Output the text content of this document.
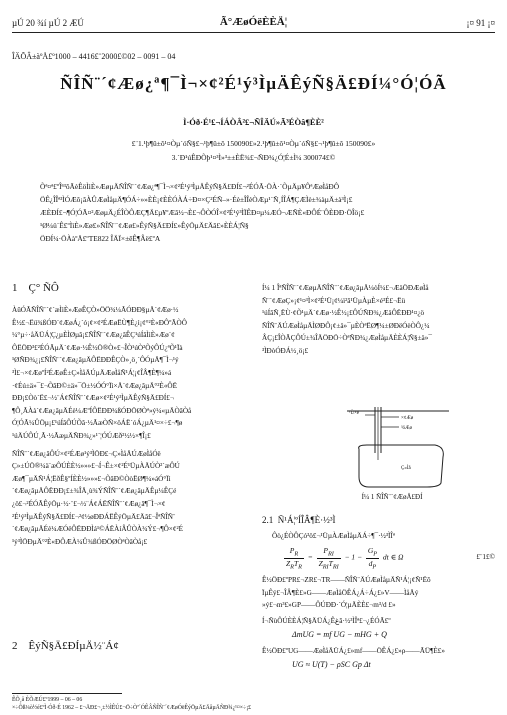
µÚ 20 ¾í µÚ 2 ÆÚ	Ã°ÆøÓëÈÈÄ¦	¡¤ 91 ¡¤
ÎÄÕÂ±àºÅ£º1000 – 4416£¨2000£©02 – 0091 – 04
ÑÎÑ¨´¢Æø¿ª¶¯Ì¬×¢²É¹ý³ÌµÄÊýÑ§Ä£ÐÍ¼°Ó¦ÓÃ
Ì·Óð·É¹£¬ÍÁÒÂ²£¬ÑÎÄÚ»Ã³ÉÒâ¶ÈÈ²
£¨1.¹þ¶û±õ¹¤Òµ´óÑ§£¬¹þ¶û±õ 150090£»2.¹þ¶û±õ¹¤Òµ´óÑ§£¬¹þ¶û±õ 150090£»
3.´Ð¹úÊÐÕþ¹¤³Ì»³±±ÈË¾£¬ÑÐ¾¿Ó¦É±Ì¼ 300074£©
Õª¤ª£ºÎª³õÃèÊöÌìÈ»ÆøµÄÑÎÑ¨´¢Æø¿ª¶¯Ì¬×¢²É¹ý³ÌµÄÊýÑ§Ä£ÐÍ£¬²ÉÓÃ·ÖÀ·´ÕµÄµ¥ÔªÆøÌåÐÔ
ÖÊ¿ÎÎª³ÌÓÆô¡ãÀÛÆøÌåµÄ¶ÓÁ÷»»ÈÈ¡¢ÈÈÓÀÁ÷Ð¤×Ç²ÉÑ–»·Éè±ÎÎèÒÆµ¹´Ñ¸ÍÎÁ¶ÇÆÌè±¾àµÄ±à³Ì¡£
ÆÈÐÍ£¬¶Ó¦ÓÃ¤²ÆøµÄ¿ÉÎÒÔÆÇ¶Ä£µ¥ºÆâ½¬È£¬ÔÒÓÎ×¢²É¹ý³ÌÏÊÐ¤µ¼ÆÓ¬ÆÑÈ«ÐÔÉ¨ÔÈÐÐ·ÖÎö¡£
¹Ø¼ü´Ê£ºÌìÈ»Æø£»ÑÎÑ¨´¢Æø£»ÊýÑ§Ä£ÐÍ£»ÊýÖµÄ£Äâ£»ÈÈÁ¦Ñ§
ÖÐÍ¼·ÖÀàºÅ£ºTE822 ÎÄÏ×±êÊ¶Âë£ºA
1 Ç° ÑÔ
ÀûÓÃÑÎÑ¨´¢´æÌìÈ»ÆøÊÇÒ»ÖÖ¾¼ÃÓÐÐ§µÄ´¢Æø·½
Ê½£¬Ëü¾ßÓÐ´¢ÆøÁ¿´ó¡¢×¢²ÉÆøËÙ¶È¿ì¡¢°²È«ÐÔºÃÒÔ
¼°µ÷·åÄÜÁ¦Ç¿µÈÌØµã¡£ÑÎÑ¨´¢Æø¿âÊÇ¹úÍâÌìÈ»Æø´¢
ÔËÖÐ³£²ÉÓÃµÄ´¢Æø·½Ê½Ö®Ò»£¬ÎÒ¹úÒ²ÕýÔÚ¿ªÕ¹Ïà
¹ØÑÐ¾¿¡£ÑÎÑ¨´¢Æø¿âµÄÔËÐÐÊÇÒ»¸ö¸´ÔÓµÄ¶¯Ì¬¹ý
³Ì£¬×¢ÆøºÍ²ÉÆøÊ±Ç»ÌåÄÚµÄÆøÌåÑ¹Á¦¡¢ÎÂ¶È¶¼»á
·¢Éú±ä»¯£¬ÕâÐ©±ä»¯Ö±½ÓÓ°Ïì×Å´¢Æø¿âµÄ°²È«ÔË
ÐÐ¡£Òò´Ë£¬½¨Á¢ÑÎÑ¨´¢Æø×¢²É¹ý³ÌµÄÊýÑ§Ä£ÐÍ£¬
¶Ô¸ÃÀà´¢Æø¿âµÄÉè¼ÆºÍÔËÐÐ¾ßÓÐÖØÒª»ý¼«µÄÒâÒå
Ó¦ÓÃ¼ÛÖµ¡£¹úÍâÔÚÕâ·½ÃæÒÑ×öÁË´óÁ¿µÄ¹¤×÷£¬¶ø
¹úÄÚÔÚ¸Ã·½ÃæµÄÑÐ¾¿»¹´¦ÓÚÆð²½½×¶Î¡£
ÑÎÑ¨´¢Æø¿âÔÚ×¢²ÉÆø¹ý³ÌÖÐ£¬Ç»ÌåÄÚÆøÌåÓë
Ç»±ÚÖ®¼ä´æÔÚÈÈ½»»»£¬Í¬Ê±×¢²É¹ÜµÀÄÚÒ²´æÔÚ
Æø¶¯µÄÑ¹Á¦ËðÊ§ºÍÈÈ½»»»£¬ÕâÐ©ÒòËØ¶¼»áÓ°Ïì
´¢Æø¿âµÄÔËÐÐ¡£±¾ÎÄ¸ù¾ÝÑÎÑ¨´¢Æø¿âµÄÊµ¼ÊÇé
¿ö£¬²ÉÓÃÊýÖµ·½·¨£¬½¨Á¢ÁËÑÎÑ¨´¢Æø¿â¶¯Ì¬×¢
²É¹ý³ÌµÄÊýÑ§Ä£ÐÍ£¬²¢½øÐÐÁËÊýÖµÄ£Äâ£¬ÎªÑÎÑ¨
´¢Æø¿âµÄÉè¼ÆÓëÔËÐÐÌá¹©ÁËÀíÂÛÒÀ¾Ý£¬¶Ô×¢²É
¹ý³ÌÖÐµÄ°²È«ÐÔÆÀ¼Û¾ßÓÐÖØÒªÒâÒå¡£
2 ÊýÑ§Ä£ÐÍµÄ½¨Á¢
Í¼ 1 ÎªÑÎÑ¨´¢ÆøµÄÑÎÑ¨´¢Æø¿âµÄ¼òÍ¼£¬ÆäÖÐÆøÌå
Ñ¨´¢ÆøÇ»¡¢¹¤³Ì×¢²É¹Ü¡¢¼ì²â¹ÜµÀµÈ×é³É£¬Ëü
¹úÍâÑ¸ËÙ·¢Õ¹µÄ´¢Æø·½Ê½¡£ÔÚÑÐ¾¿ÆäÔËÐÐ¹¤¿ö
ÑÎÑ¨ÄÚÆøÌåµÄÌØÐÔ¡¢±ä»¯µÈÒªËØ¶¼±ØÐëÓèÒÔ¿¼
ÂÇ¡£ÎÒÃÇÔÚ±¾ÎÄÖÐÖ÷ÒªÑÐ¾¿ÆøÌåµÄÈÈÁ¦Ñ§±ä»¯
³ÌÐòÓÐÁ½¸ö¡£
¹Ü×é
×¢Æø
³öÆø
Ç»Ìå
Í¼ 1 ÑÎÑ¨´¢ÆøÄ£ÐÍ
2.1 Ñ¹Á¦ºÍÎÂ¶È·½³Ì
Ôò¿ÉÒÔÇó³ö£¬¹ÜµÀÆøÌåµÄÁ÷¶¯·½³ÌÎª
$P_R$
$Z_RT_R$
=
$P_{RI}$
$Z_{RI}T_{RI}$
− $1 - \frac{G_P}{d_P}$ dt ∈ Ω	£¨1£©
Ê½ÖÐ£ºPR£¬ZR£¬TR——ÑÎÑ¨ÄÚÆøÌåµÄÑ¹Á¦¡¢Ñ¹Ëõ
ÏµÊý£¬ÎÂ¶È£»G——ÆøÌåÖÊÁ¿Á÷Á¿£»V——ÌåÄý
»ý£¬m³£»GP——ÔÚÐÐ·´Ó¦µÄÈÈ£¬m³/d £»
Í¬ÑùÔÚÈÈÁ¦Ñ§ÄÜÁ¿Êغã·½³ÌÎª£¬¿ÉÓÃ£º
ΔmUG = mf UG − mHG + Q
Ê½ÖÐ£ºUG——ÆøÌåÄÜÁ¿£»mf——ÖÊÁ¿£»ρ——ÃÜ¶È£»
UG ≈ U(T) − ρSC Gp Δt
ÊÕ¸å ÈÕÆÚ£º1999 – 06 – 06
×÷Õß¼ò½é£ºÌ·Óð·É 1962 – £¬ÄÐ£¬¸±½ÌÊÚ£¬Ö÷Òª´ÓÊÂÑÎÑ¨´¢ÆøÓëÊýÖµÄ£ÄâµÄÑÐ¾¿¹¤×÷¡£
